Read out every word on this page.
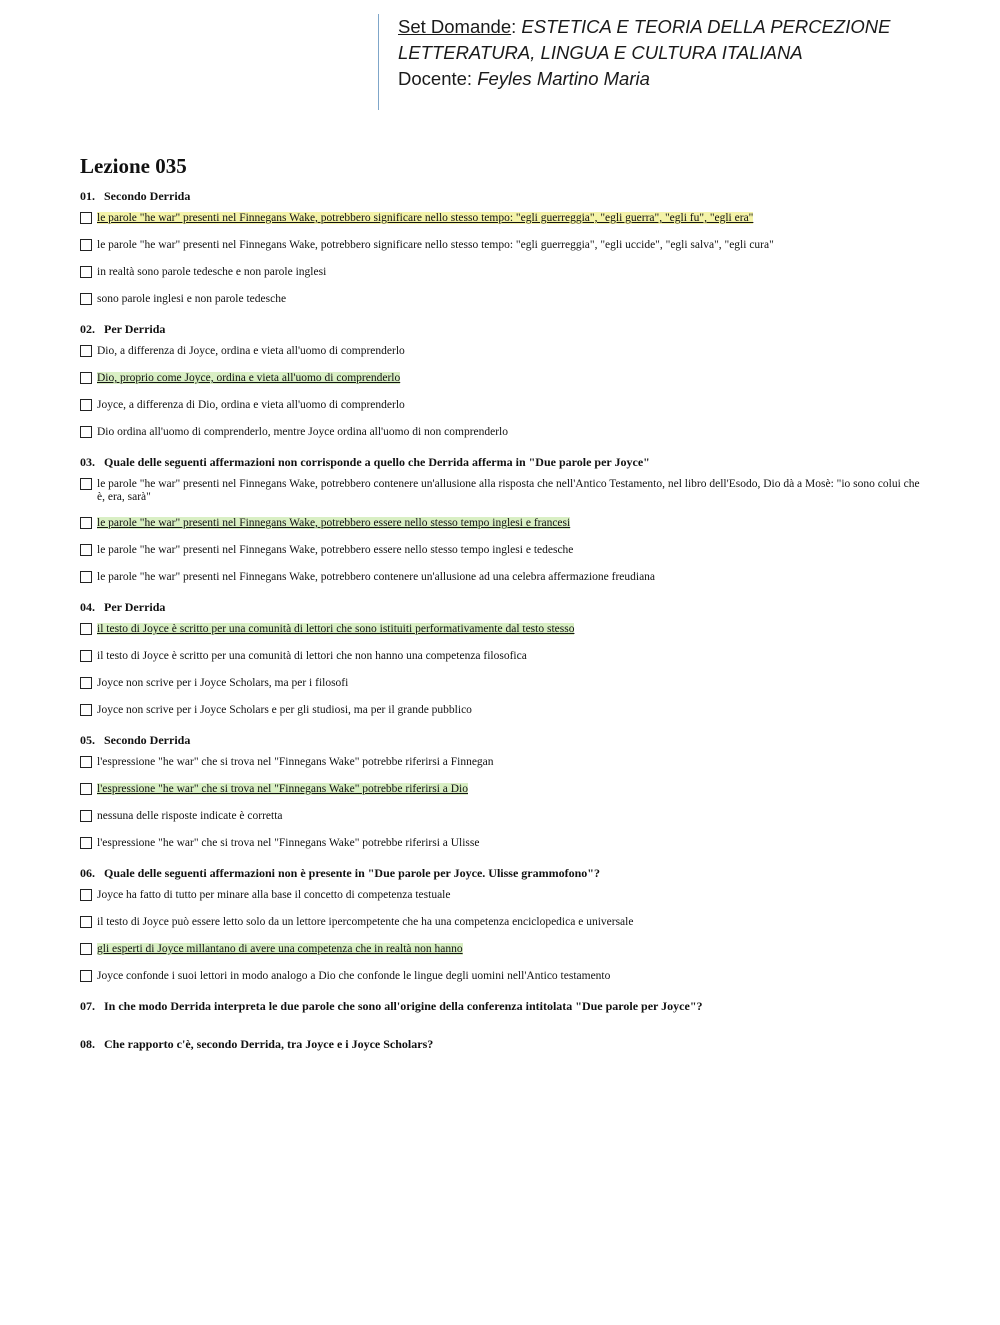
Set Domande: ESTETICA E TEORIA DELLA PERCEZIONE
LETTERATURA, LINGUA E CULTURA ITALIANA
Docente: Feyles Martino Maria
Lezione 035
01. Secondo Derrida
le parole "he war" presenti nel Finnegans Wake, potrebbero significare nello stesso tempo: "egli guerreggia", "egli guerra", "egli fu", "egli era"
le parole "he war" presenti nel Finnegans Wake, potrebbero significare nello stesso tempo: "egli guerreggia", "egli uccide", "egli salva", "egli cura"
in realtà sono parole tedesche e non parole inglesi
sono parole inglesi e non parole tedesche
02. Per Derrida
Dio, a differenza di Joyce, ordina e vieta all'uomo di comprenderlo
Dio, proprio come Joyce, ordina e vieta all'uomo di comprenderlo
Joyce, a differenza di Dio, ordina e vieta all'uomo di comprenderlo
Dio ordina all'uomo di comprenderlo, mentre Joyce ordina all'uomo di non comprenderlo
03. Quale delle seguenti affermazioni non corrisponde a quello che Derrida afferma in "Due parole per Joyce"
le parole "he war" presenti nel Finnegans Wake, potrebbero contenere un'allusione alla risposta che nell'Antico Testamento, nel libro dell'Esodo, Dio dà a Mosè: "io sono colui che è, era, sarà"
le parole "he war" presenti nel Finnegans Wake, potrebbero essere nello stesso tempo inglesi e francesi
le parole "he war" presenti nel Finnegans Wake, potrebbero essere nello stesso tempo inglesi e tedesche
le parole "he war" presenti nel Finnegans Wake, potrebbero contenere un'allusione ad una celebra affermazione freudiana
04. Per Derrida
il testo di Joyce è scritto per una comunità di lettori che sono istituiti performativamente dal testo stesso
il testo di Joyce è scritto per una comunità di lettori che non hanno una competenza filosofica
Joyce non scrive per i Joyce Scholars, ma per i filosofi
Joyce non scrive per i Joyce Scholars e per gli studiosi, ma per il grande pubblico
05. Secondo Derrida
l'espressione "he war" che si trova nel "Finnegans Wake" potrebbe riferirsi a Finnegan
l'espressione "he war" che si trova nel "Finnegans Wake" potrebbe riferirsi a Dio
nessuna delle risposte indicate è corretta
l'espressione "he war" che si trova nel "Finnegans Wake" potrebbe riferirsi a Ulisse
06. Quale delle seguenti affermazioni non è presente in "Due parole per Joyce. Ulisse grammofono"?
Joyce ha fatto di tutto per minare alla base il concetto di competenza testuale
il testo di Joyce può essere letto solo da un lettore ipercompetente che ha una competenza enciclopedica e universale
gli esperti di Joyce millantano di avere una competenza che in realtà non hanno
Joyce confonde i suoi lettori in modo analogo a Dio che confonde le lingue degli uomini nell'Antico testamento
07. In che modo Derrida interpreta le due parole che sono all'origine della conferenza intitolata "Due parole per Joyce"?
08. Che rapporto c'è, secondo Derrida, tra Joyce e i Joyce Scholars?
